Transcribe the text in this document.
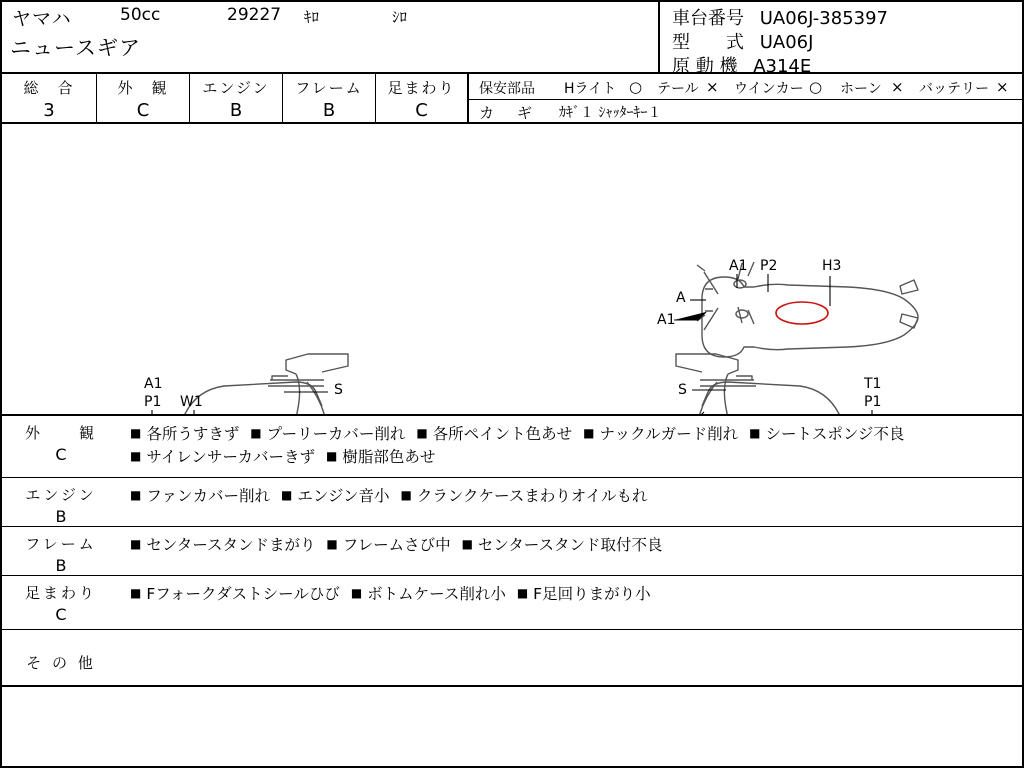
ヤマハ	50cc	29227 ｷﾛ	ｼﾛ
ニュースギア
車台番号 UA06J-385397
型　　式 UA06J
原 動 機 A314E
総　合
3
外　観
C
エンジン
B
フレーム
B
足まわり
C
保安部品 Hライト ○ テール × ウインカー ○ ホーン × バッテリー ×
カ　ギ ｶｷﾞ１ ｼｬｯﾀｰｷｰ１
A1 P2	H3
A
A1
A1
P1 W1
S	S	T1
P1
外　　観
C
■ 各所うすきず ■ プーリーカバー削れ ■ 各所ペイント色あせ ■ ナックルガード削れ ■ シートスポンジ不良 ■ サイレンサーカバーきず ■ 樹脂部色あせ
エンジン
B
■ ファンカバー削れ ■ エンジン音小 ■ クランクケースまわりオイルもれ
フレーム
B
■ センタースタンドまがり ■ フレームさび中 ■ センタースタンド取付不良
足まわり
C
■ Fフォークダストシールひび ■ ボトムケース削れ小 ■ F足回りまがり小
そ の 他
